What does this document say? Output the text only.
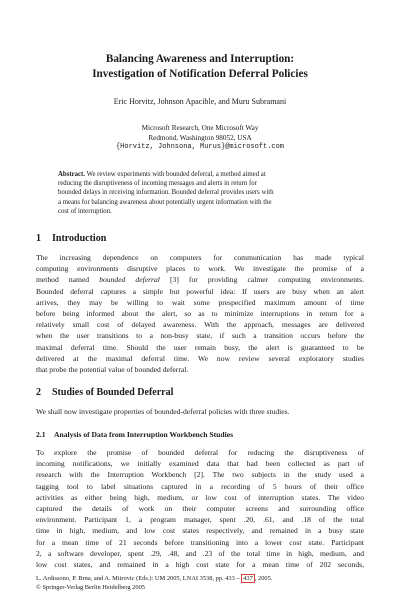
Balancing Awareness and Interruption:
Investigation of Notification Deferral Policies
Eric Horvitz, Johnson Apacible, and Muru Subramani
Microsoft Research, One Microsoft Way
Redmond, Washington 98052, USA
{Horvitz, Johnsona, Murus}@microsoft.com
Abstract. We review experiments with bounded deferral, a method aimed at
reducing the disruptiveness of incoming messages and alerts in return for
bounded delays in receiving information. Bounded deferral provides users with
a means for balancing awareness about potentially urgent information with the
cost of interruption.
1 Introduction
The increasing dependence on computers for communication has made typical
computing environments disruptive places to work. We investigate the promise of a
method named bounded deferral [3] for providing calmer computing environments.
Bounded deferral captures a simple but powerful idea: If users are busy when an alert
arrives, they may be willing to wait some prespecified maximum amount of time
before being informed about the alert, so as to minimize interruptions in return for a
relatively small cost of delayed awareness. With the approach, messages are delivered
when the user transitions to a non-busy state, if such a transition occurs before the
maximal deferral time. Should the user remain busy, the alert is guaranteed to be
delivered at the maximal deferral time. We now review several exploratory studies
that probe the potential value of bounded deferral.
2 Studies of Bounded Deferral
We shall now investigate properties of bounded-deferral policies with three studies.
2.1 Analysis of Data from Interruption Workbench Studies
To explore the promise of bounded deferral for reducing the disruptiveness of
incoming notifications, we initially examined data that had been collected as part of
research with the Interruption Workbench [2]. The two subjects in the study used a
tagging tool to label situations captured in a recording of 5 hours of their office
activities as either being high, medium, or low cost of interruption states. The video
captured the details of work on their computer screens and surrounding office
environment. Participant 1, a program manager, spent .20, .61, and .18 of the total
time in high, medium, and low cost states respectively, and remained in a busy state
for a mean time of 21 seconds before transitioning into a lower cost state. Participant
2, a software developer, spent .29, .48, and .23 of the total time in high, medium, and
low cost states, and remained in a high cost state for a mean time of 202 seconds,
L. Ardissono, P. Brna, and A. Mitrovic (Eds.): UM 2005, LNAI 3538, pp. 433 – 437 , 2005.
© Springer-Verlag Berlin Heidelberg 2005
